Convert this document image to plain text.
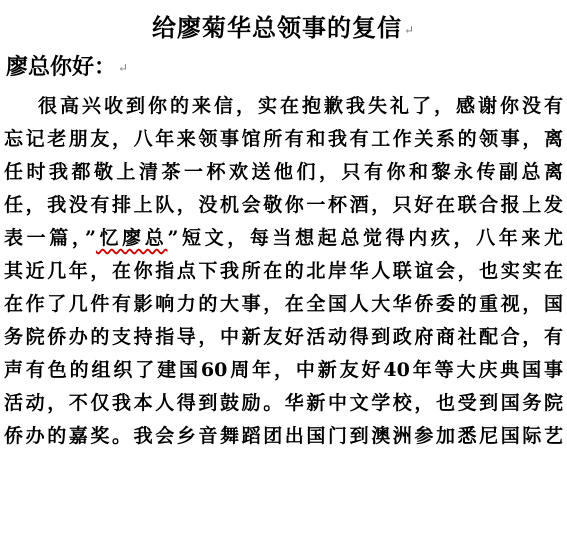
给廖菊华总领事的复信 ↵
廖总你好： ↵
很高兴收到你的来信，实在抱歉我失礼了，感谢你没有
忘记老朋友，八年来领事馆所有和我有工作关系的领事，离
任时我都敬上清茶一杯欢送他们，只有你和黎永传副总离
任，我没有排上队，没机会敬你一杯酒，只好在联合报上发
表一篇，”忆廖总”短文，每当想起总觉得内疚，八年来尤
其近几年，在你指点下我所在的北岸华人联谊会，也实实在
在作了几件有影响力的大事，在全国人大华侨委的重视，国
务院侨办的支持指导，中新友好活动得到政府商社配合，有
声有色的组织了建国60周年，中新友好40年等大庆典国事
活动，不仅我本人得到鼓励。华新中文学校，也受到国务院
侨办的嘉奖。我会乡音舞蹈团出国门到澳洲参加悉尼国际艺
